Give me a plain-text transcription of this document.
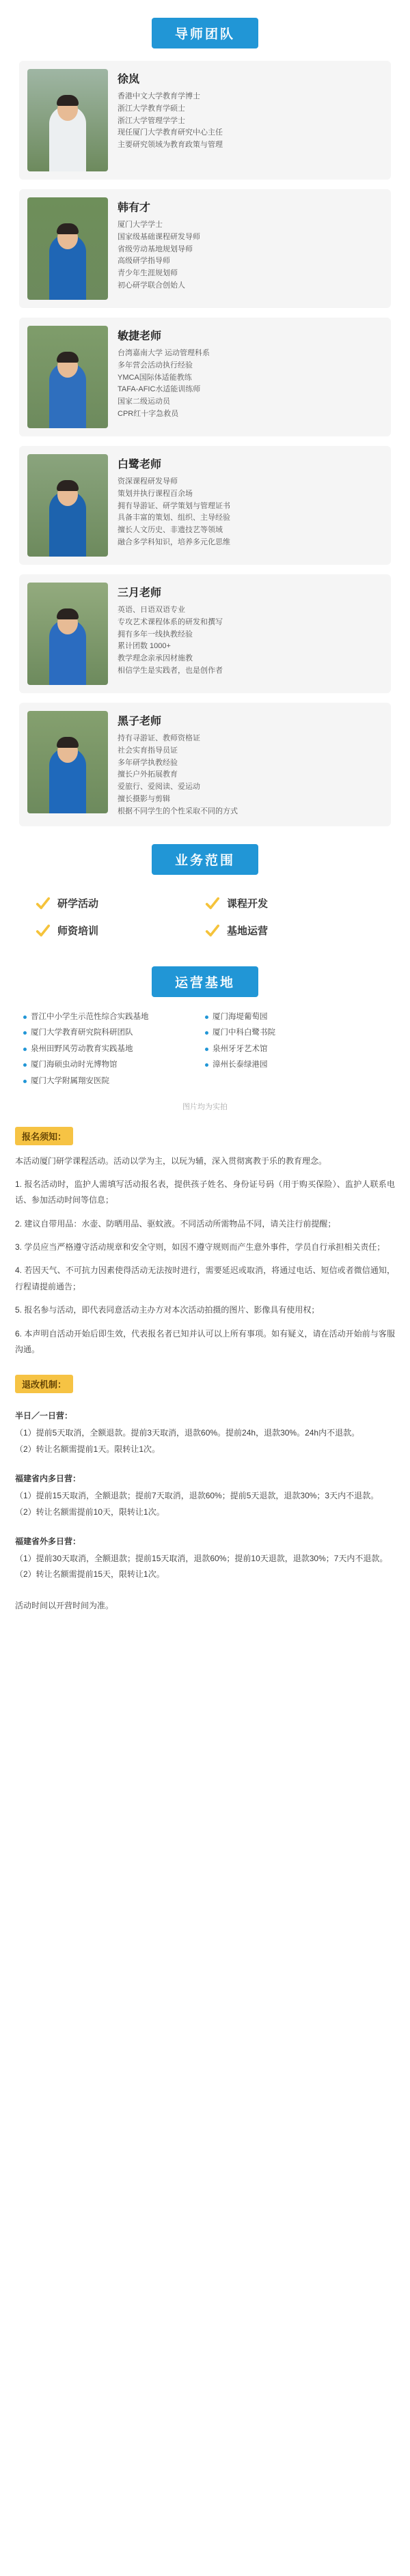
导师团队
徐岚
香港中文大学教育学博士
浙江大学教育学硕士
浙江大学管理学学士
现任厦门大学教育研究中心主任
主要研究领域为教育政策与管理
韩有才
厦门大学学士
国家级基础课程研发导师
省级劳动基地规划导师
高级研学指导师
青少年生涯规划师
初心研学联合创始人
敏捷老师
台湾嘉南大学 运动管理科系
多年营会活动执行经验
YMCA国际体适能教练
TAFA-AFIC水适能训练师
国家二级运动员
CPR红十字急救员
白鹭老师
资深课程研发导师
策划并执行课程百余场
拥有导游证、研学策划与管理证书
具备丰富的策划、组织、主导经验
擅长人文历史、非遗技艺等领域
融合多学科知识，培养多元化思维
三月老师
英语、日语双语专业
专攻艺术课程体系的研发和撰写
拥有多年一线执教经验
累计团数 1000+
教学理念亲承因材施教
相信学生是实践者，也是创作者
黑子老师
持有寻游证、教师资格证
社会实育指导员证
多年研学执教经验
擅长户外拓展教育
爱旅行、爱阅读、爱运动
擅长摄影与剪辑
根据不同学生的个性采取不同的方式
业务范围
研学活动	课程开发
师资培训	基地运营
运营基地
晋江中小学生示范性综合实践基地	厦门海堤葡萄园
厦门大学教育研究院科研团队	厦门中科白鹭书院
泉州田野风劳动教育实践基地	泉州牙牙艺术馆
厦门海硕虫动时光博物馆	漳州长泰绿港园
厦门大学附属翔安医院
图片均为实拍
报名须知：
本活动厦门研学课程活动。活动以学为主，以玩为辅，深入贯彻寓教于乐的教育理念。
1. 报名活动时，监护人需填写活动报名表，提供孩子姓名、身份证号码（用于购买保险）、监护人联系电话、参加活动时间等信息；
2. 建议自带用品：水壶、防晒用品、驱蚊液。不同活动所需物品不同，请关注行前提醒；
3. 学员应当严格遵守活动规章和安全守则，如因不遵守规则而产生意外事件，学员自行承担相关责任；
4. 若因天气、不可抗力因素使得活动无法按时进行，需要延迟或取消，将通过电话、短信或者微信通知，行程请提前通告；
5. 报名参与活动，即代表同意活动主办方对本次活动拍摄的图片、影像具有使用权；
6. 本声明自活动开始后即生效，代表报名者已知并认可以上所有事项。如有疑义，请在活动开始前与客服沟通。
退改机制：
半日／一日营：
（1）提前5天取消，全额退款。提前3天取消，退款60%。提前24h，退款30%。24h内不退款。
（2）转让名额需提前1天。限转让1次。
福建省内多日营：
（1）提前15天取消，全额退款；提前7天取消，退款60%；提前5天退款，退款30%；3天内不退款。
（2）转让名额需提前10天，限转让1次。
福建省外多日营：
（1）提前30天取消，全额退款；提前15天取消，退款60%；提前10天退款，退款30%；7天内不退款。
（2）转让名额需提前15天，限转让1次。
活动时间以开营时间为准。
